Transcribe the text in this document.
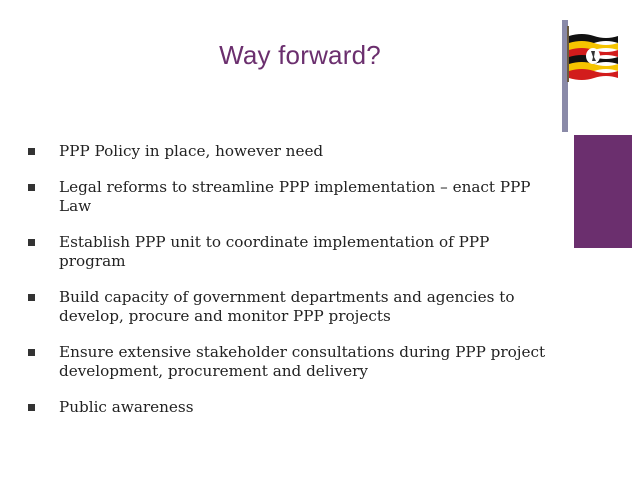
Way forward?
PPP Policy in place, however need
Legal reforms to streamline PPP implementation – enact PPP Law
Establish PPP unit to coordinate implementation of PPP program
Build capacity of government departments and agencies to develop, procure and monitor PPP projects
Ensure extensive stakeholder consultations during PPP project development, procurement and delivery
Public awareness
